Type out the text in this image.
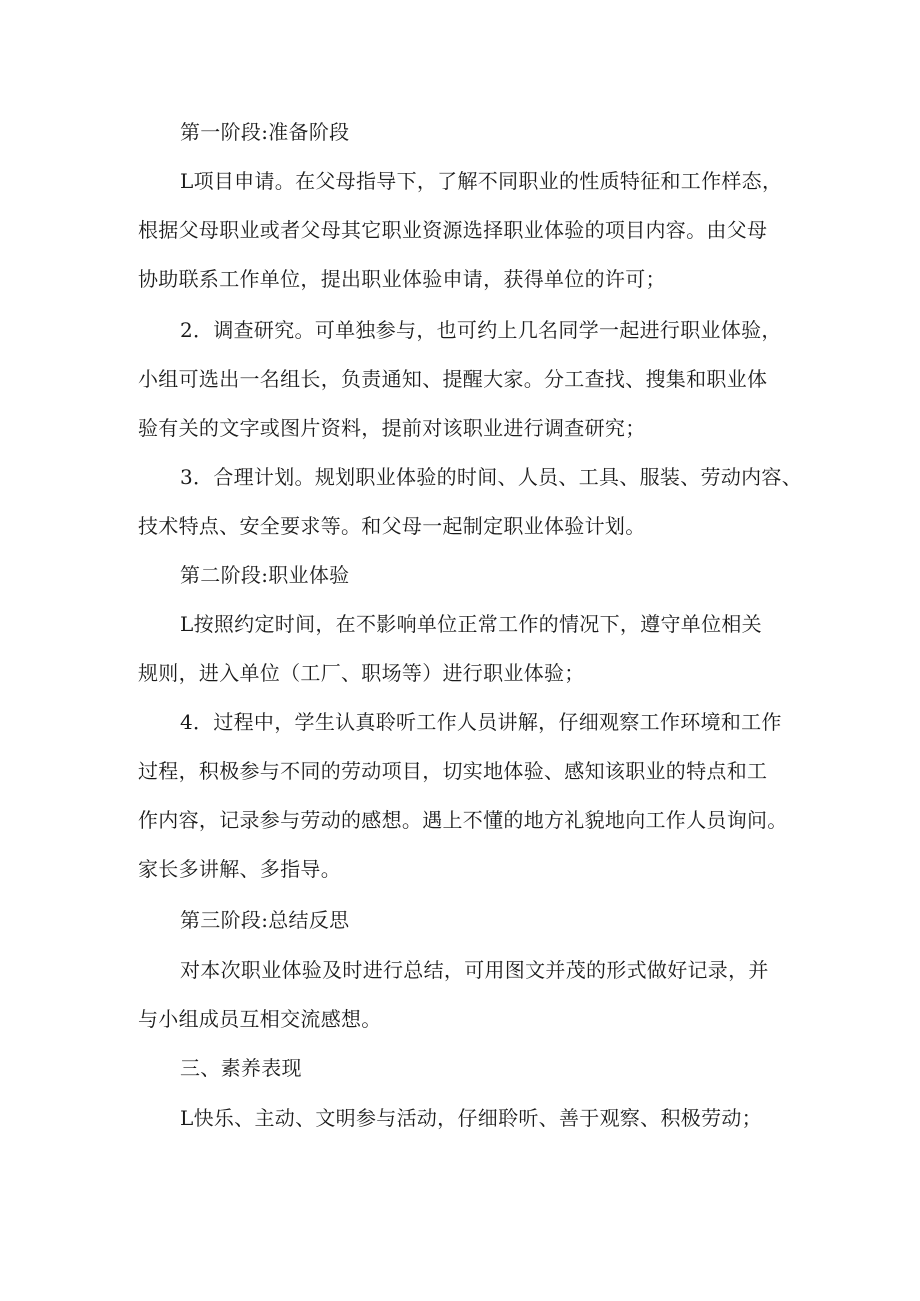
第一阶段:准备阶段
L项目申请。在父母指导下，了解不同职业的性质特征和工作样态，
根据父母职业或者父母其它职业资源选择职业体验的项目内容。由父母
协助联系工作单位，提出职业体验申请，获得单位的许可；
2．调查研究。可单独参与，也可约上几名同学一起进行职业体验，
小组可选出一名组长，负责通知、提醒大家。分工查找、搜集和职业体
验有关的文字或图片资料，提前对该职业进行调查研究；
3．合理计划。规划职业体验的时间、人员、工具、服装、劳动内容、
技术特点、安全要求等。和父母一起制定职业体验计划。
第二阶段:职业体验
L按照约定时间，在不影响单位正常工作的情况下，遵守单位相关
规则，进入单位（工厂、职场等）进行职业体验；
4．过程中，学生认真聆听工作人员讲解，仔细观察工作环境和工作
过程，积极参与不同的劳动项目，切实地体验、感知该职业的特点和工
作内容，记录参与劳动的感想。遇上不懂的地方礼貌地向工作人员询问。
家长多讲解、多指导。
第三阶段:总结反思
对本次职业体验及时进行总结，可用图文并茂的形式做好记录，并
与小组成员互相交流感想。
三、素养表现
L快乐、主动、文明参与活动，仔细聆听、善于观察、积极劳动；
